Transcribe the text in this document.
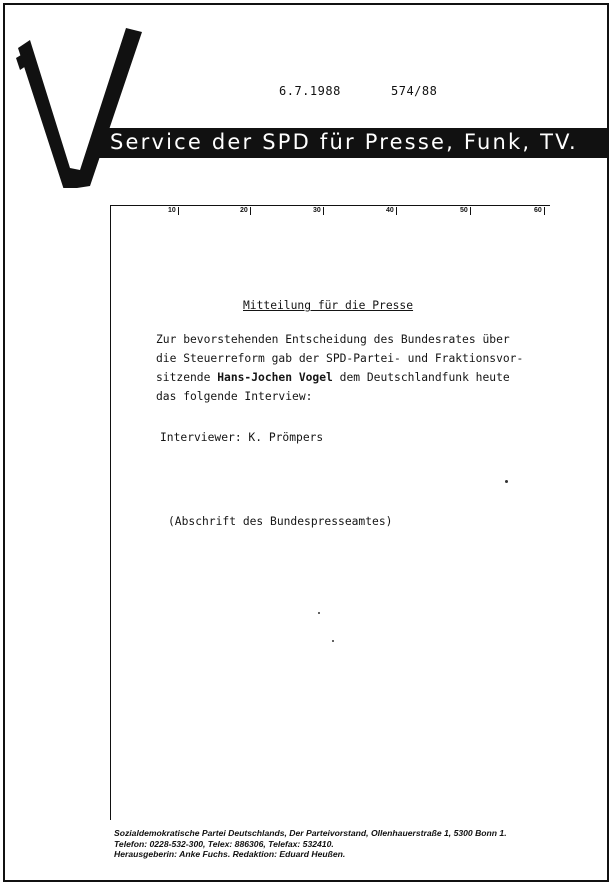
6.7.1988	574/88
Service der SPD für Presse, Funk, TV.
10	20	30	40	50	60
Mitteilung für die Presse
Zur bevorstehenden Entscheidung des Bundesrates über
die Steuerreform gab der SPD-Partei- und Fraktionsvor-
sitzende Hans-Jochen Vogel dem Deutschlandfunk heute
das folgende Interview:
Interviewer: K. Prömpers
(Abschrift des Bundespresseamtes)
Sozialdemokratische Partei Deutschlands, Der Parteivorstand, Ollenhauerstraße 1, 5300 Bonn 1.
Telefon: 0228-532-300, Telex: 886306, Telefax: 532410.
Herausgeberin: Anke Fuchs. Redaktion: Eduard Heußen.
